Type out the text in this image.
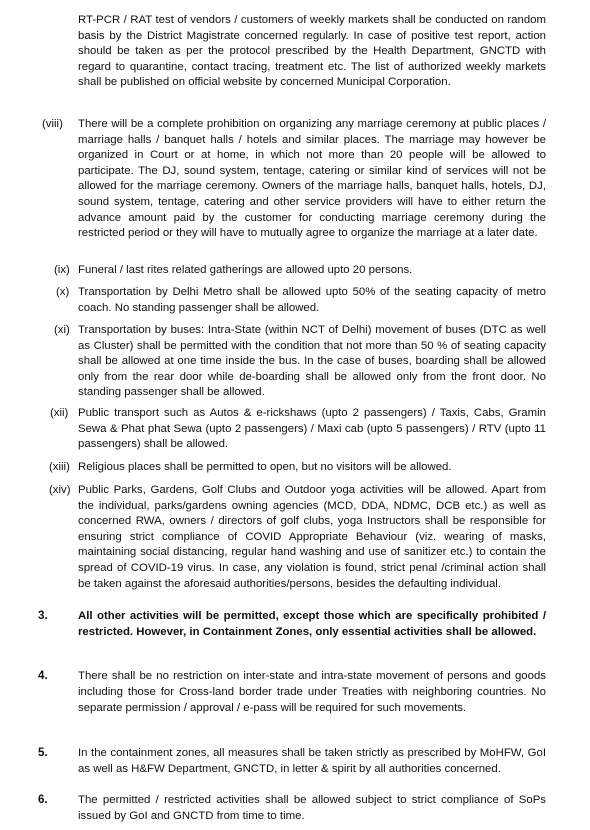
RT-PCR / RAT test of vendors / customers of weekly markets shall be conducted on random basis by the District Magistrate concerned regularly. In case of positive test report, action should be taken as per the protocol prescribed by the Health Department, GNCTD with regard to quarantine, contact tracing, treatment etc. The list of authorized weekly markets shall be published on official website by concerned Municipal Corporation.

(viii) There will be a complete prohibition on organizing any marriage ceremony at public places / marriage halls / banquet halls / hotels and similar places. The marriage may however be organized in Court or at home, in which not more than 20 people will be allowed to participate. The DJ, sound system, tentage, catering or similar kind of services will not be allowed for the marriage ceremony. Owners of the marriage halls, banquet halls, hotels, DJ, sound system, tentage, catering and other service providers will have to either return the advance amount paid by the customer for conducting marriage ceremony during the restricted period or they will have to mutually agree to organize the marriage at a later date.

(ix) Funeral / last rites related gatherings are allowed upto 20 persons.

(x) Transportation by Delhi Metro shall be allowed upto 50% of the seating capacity of metro coach. No standing passenger shall be allowed.

(xi) Transportation by buses: Intra-State (within NCT of Delhi) movement of buses (DTC as well as Cluster) shall be permitted with the condition that not more than 50 % of seating capacity shall be allowed at one time inside the bus. In the case of buses, boarding shall be allowed only from the rear door while de-boarding shall be allowed only from the front door. No standing passenger shall be allowed.

(xii) Public transport such as Autos & e-rickshaws (upto 2 passengers) / Taxis, Cabs, Gramin Sewa & Phat phat Sewa (upto 2 passengers) / Maxi cab (upto 5 passengers) / RTV (upto 11 passengers) shall be allowed.

(xiii) Religious places shall be permitted to open, but no visitors will be allowed.

(xiv) Public Parks, Gardens, Golf Clubs and Outdoor yoga activities will be allowed. Apart from the individual, parks/gardens owning agencies (MCD, DDA, NDMC, DCB etc.) as well as concerned RWA, owners / directors of golf clubs, yoga Instructors shall be responsible for ensuring strict compliance of COVID Appropriate Behaviour (viz. wearing of masks, maintaining social distancing, regular hand washing and use of sanitizer etc.) to contain the spread of COVID-19 virus. In case, any violation is found, strict penal /criminal action shall be taken against the aforesaid authorities/persons, besides the defaulting individual.

3.	All other activities will be permitted, except those which are specifically prohibited / restricted. However, in Containment Zones, only essential activities shall be allowed.

4.	There shall be no restriction on inter-state and intra-state movement of persons and goods including those for Cross-land border trade under Treaties with neighboring countries. No separate permission / approval / e-pass will be required for such movements.

5.	In the containment zones, all measures shall be taken strictly as prescribed by MoHFW, GoI as well as H&FW Department, GNCTD, in letter & spirit by all authorities concerned.

6.	The permitted / restricted activities shall be allowed subject to strict compliance of SoPs issued by GoI and GNCTD from time to time.
